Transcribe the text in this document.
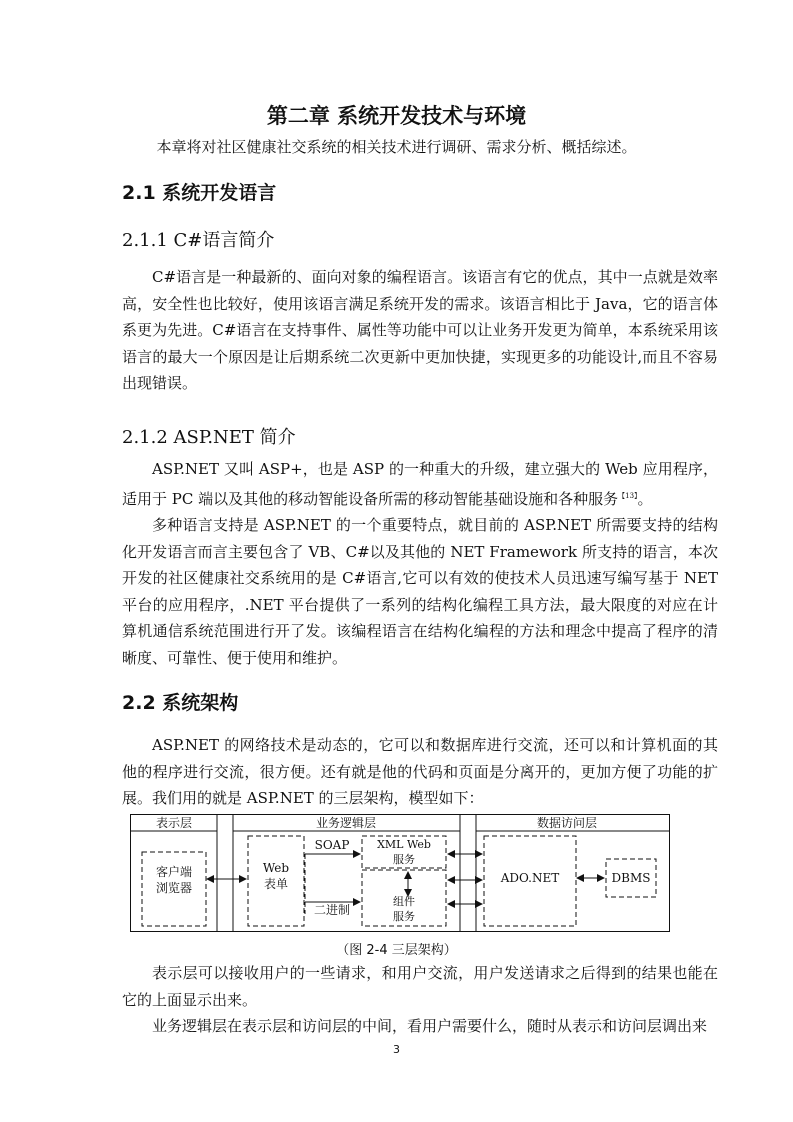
第二章 系统开发技术与环境
本章将对社区健康社交系统的相关技术进行调研、需求分析、概括综述。
2.1 系统开发语言
2.1.1 C#语言简介

C#语言是一种最新的、面向对象的编程语言。该语言有它的优点，其中一点就是效率高，安全性也比较好，使用该语言满足系统开发的需求。该语言相比于 Java，它的语言体系更为先进。C#语言在支持事件、属性等功能中可以让业务开发更为简单，本系统采用该语言的最大一个原因是让后期系统二次更新中更加快捷，实现更多的功能设计,而且不容易出现错误。

2.1.2 ASP.NET 简介

ASP.NET 又叫 ASP+，也是 ASP 的一种重大的升级，建立强大的 Web 应用程序，适用于 PC 端以及其他的移动智能设备所需的移动智能基础设施和各种服务$^{【13】}$。

多种语言支持是 ASP.NET 的一个重要特点，就目前的 ASP.NET 所需要支持的结构化开发语言而言主要包含了 VB、C#以及其他的 NET Framework 所支持的语言，本次开发的社区健康社交系统用的是 C#语言,它可以有效的使技术人员迅速写编写基于 NET 平台的应用程序，.NET 平台提供了一系列的结构化编程工具方法，最大限度的对应在计算机通信系统范围进行开了发。该编程语言在结构化编程的方法和理念中提高了程序的清晰度、可靠性、便于使用和维护。

2.2 系统架构

ASP.NET 的网络技术是动态的，它可以和数据库进行交流，还可以和计算机面的其他的程序进行交流，很方便。还有就是他的代码和页面是分离开的，更加方便了功能的扩展。我们用的就是 ASP.NET 的三层架构，模型如下：

表示层	业务逻辑层	数据访问层
客户端
浏览器
Web
表单
SOAP
二进制
XML Web
服务
组件
服务
ADO.NET	DBMS
（图 2-4 三层架构）

表示层可以接收用户的一些请求，和用户交流，用户发送请求之后得到的结果也能在它的上面显示出来。

业务逻辑层在表示层和访问层的中间，看用户需要什么，随时从表示和访问层调出来

3
